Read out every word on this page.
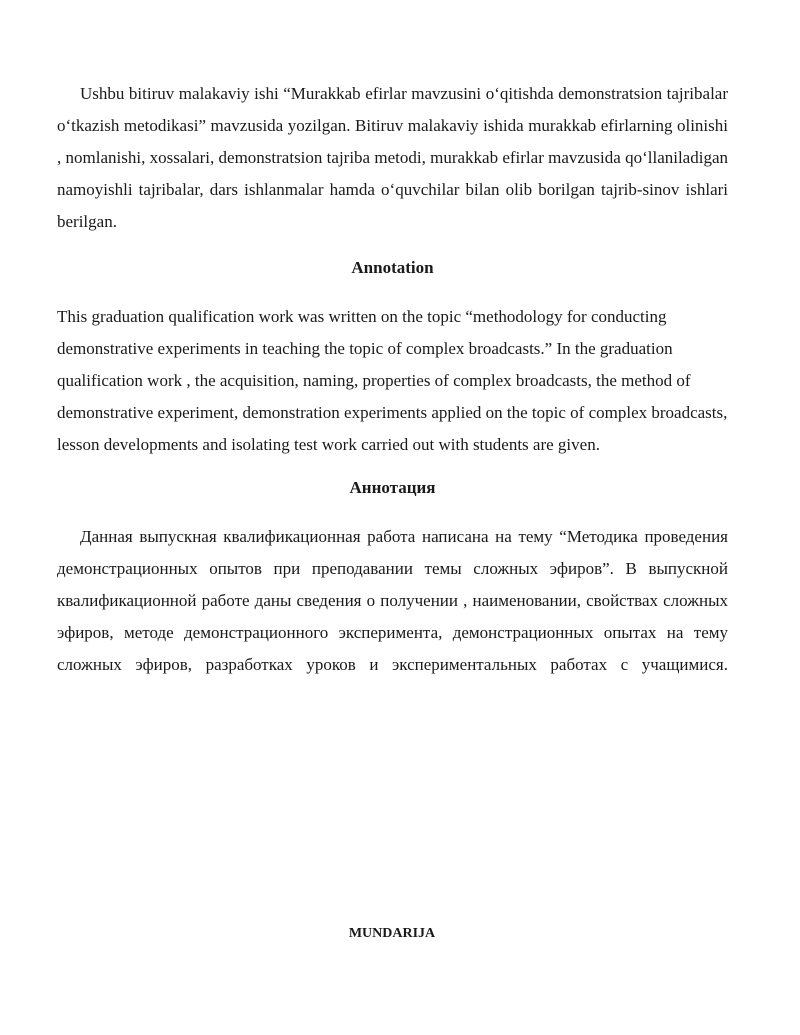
Ushbu bitiruv malakaviy ishi “Murakkab efirlar mavzusini o‘qitishda demonstratsion tajribalar o‘tkazish metodikasi” mavzusida yozilgan. Bitiruv malakaviy ishida murakkab efirlarning olinishi , nomlanishi, xossalari, demonstratsion tajriba metodi, murakkab efirlar mavzusida qo‘llaniladigan namoyishli tajribalar, dars ishlanmalar hamda o‘quvchilar bilan olib borilgan tajrib-sinov ishlari berilgan.

Annotation

This graduation qualification work was written on the topic “methodology for conducting demonstrative experiments in teaching the topic of complex broadcasts.” In the graduation qualification work , the acquisition, naming, properties of complex broadcasts, the method of demonstrative experiment, demonstration experiments applied on the topic of complex broadcasts, lesson developments and isolating test work carried out with students are given.

Аннотация

Данная выпускная квалификационная работа написана на тему “Методика проведения демонстрационных опытов при преподавании темы сложных эфиров”. В выпускной квалификационной работе даны сведения о получении , наименовании, свойствах сложных эфиров, методе демонстрационного эксперимента, демонстрационных опытах на тему сложных эфиров, разработках уроков и экспериментальных работах с учащимися.

MUNDARIJA
